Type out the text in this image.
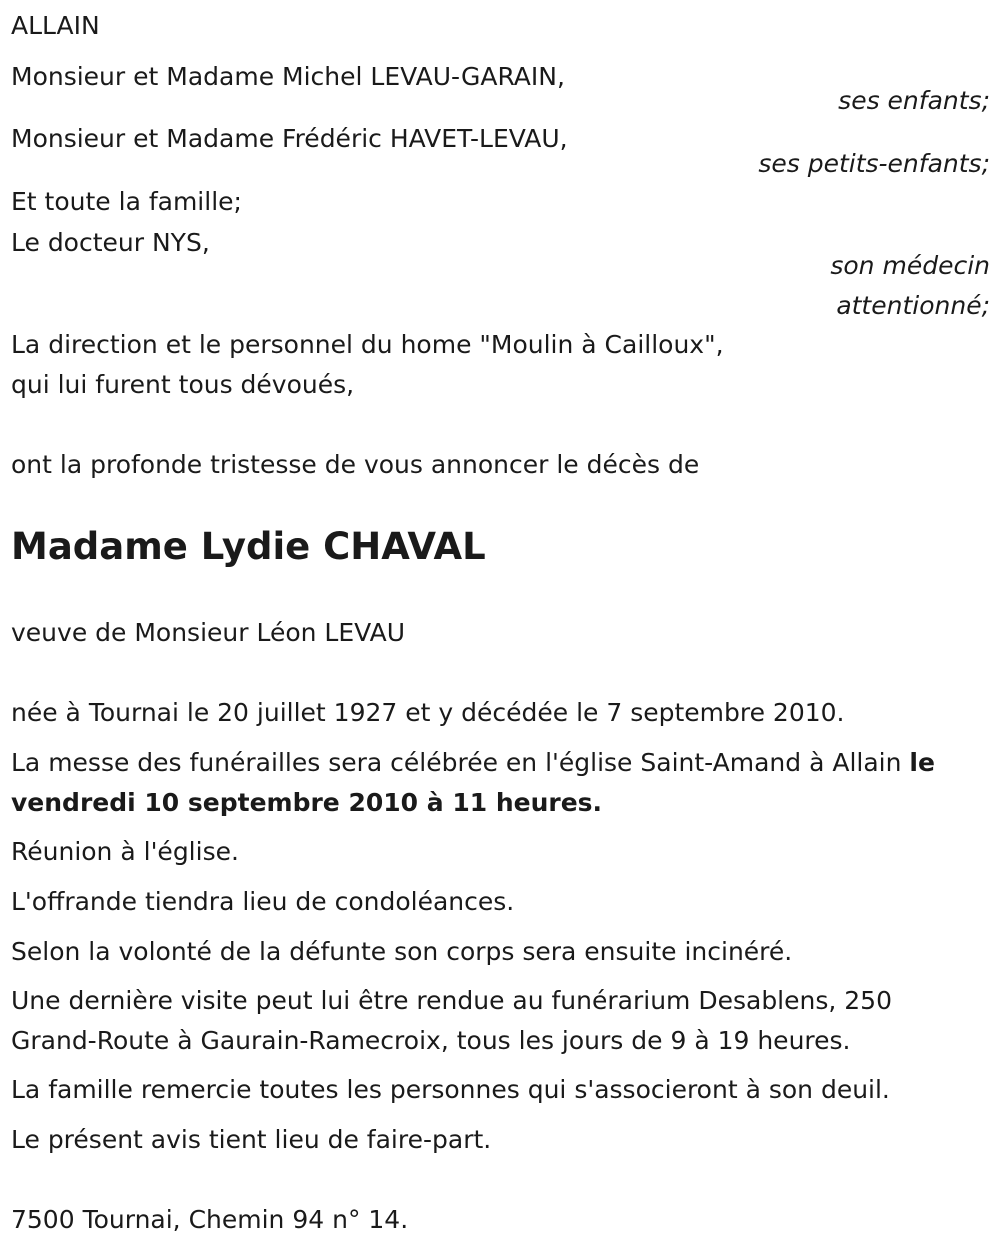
ALLAIN
Monsieur et Madame Michel LEVAU-GARAIN,
ses enfants;
Monsieur et Madame Frédéric HAVET-LEVAU,
ses petits-enfants;
Et toute la famille;
Le docteur NYS,
son médecin
attentionné;
La direction et le personnel du home "Moulin à Cailloux",
qui lui furent tous dévoués,
ont la profonde tristesse de vous annoncer le décès de
Madame Lydie CHAVAL
veuve de Monsieur Léon LEVAU
née à Tournai le 20 juillet 1927 et y décédée le 7 septembre 2010.
La messe des funérailles sera célébrée en l'église Saint-Amand à Allain le
vendredi 10 septembre 2010 à 11 heures.
Réunion à l'église.
L'offrande tiendra lieu de condoléances.
Selon la volonté de la défunte son corps sera ensuite incinéré.
Une dernière visite peut lui être rendue au funérarium Desablens, 250
Grand-Route à Gaurain-Ramecroix, tous les jours de 9 à 19 heures.
La famille remercie toutes les personnes qui s'associeront à son deuil.
Le présent avis tient lieu de faire-part.
7500 Tournai, Chemin 94 n° 14.
